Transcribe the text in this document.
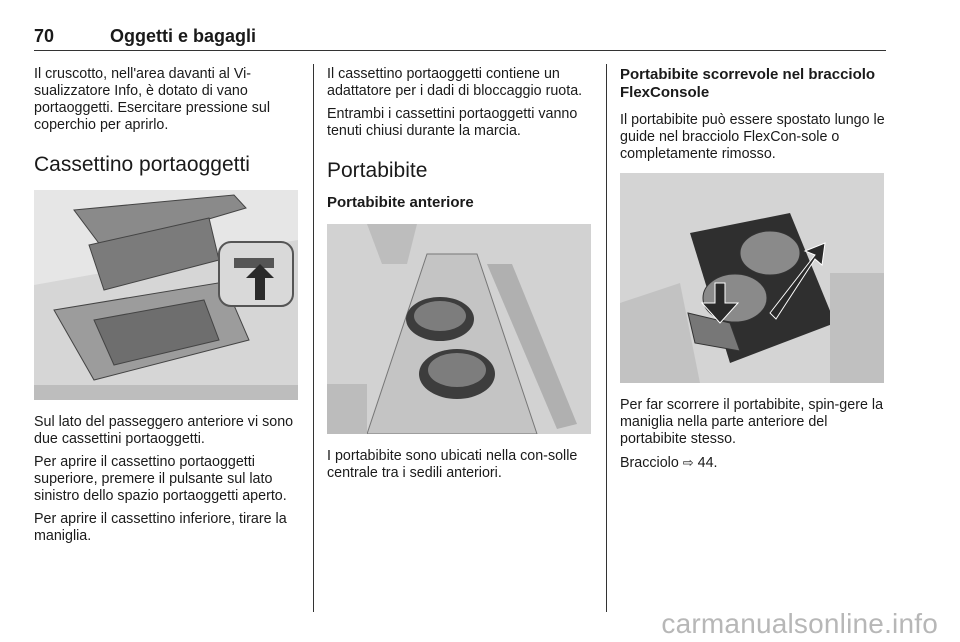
70	Oggetti e bagagli

Il cruscotto, nell'area davanti al Vi-sualizzatore Info, è dotato di vano portaoggetti. Esercitare pressione sul coperchio per aprirlo.

Cassettino portaoggetti

Sul lato del passeggero anteriore vi sono due cassettini portaoggetti.

Per aprire il cassettino portaoggetti superiore, premere il pulsante sul lato sinistro dello spazio portaoggetti aperto.

Per aprire il cassettino inferiore, tirare la maniglia.

Il cassettino portaoggetti contiene un adattatore per i dadi di bloccaggio ruota.

Entrambi i cassettini portaoggetti vanno tenuti chiusi durante la marcia.

Portabibite
Portabibite anteriore

I portabibite sono ubicati nella con-solle centrale tra i sedili anteriori.

Portabibite scorrevole nel bracciolo FlexConsole

Il portabibite può essere spostato lungo le guide nel bracciolo FlexCon-sole o completamente rimosso.

Per far scorrere il portabibite, spin-gere la maniglia nella parte anteriore del portabibite stesso.

Bracciolo ⇨ 44.

carmanualsonline.info
